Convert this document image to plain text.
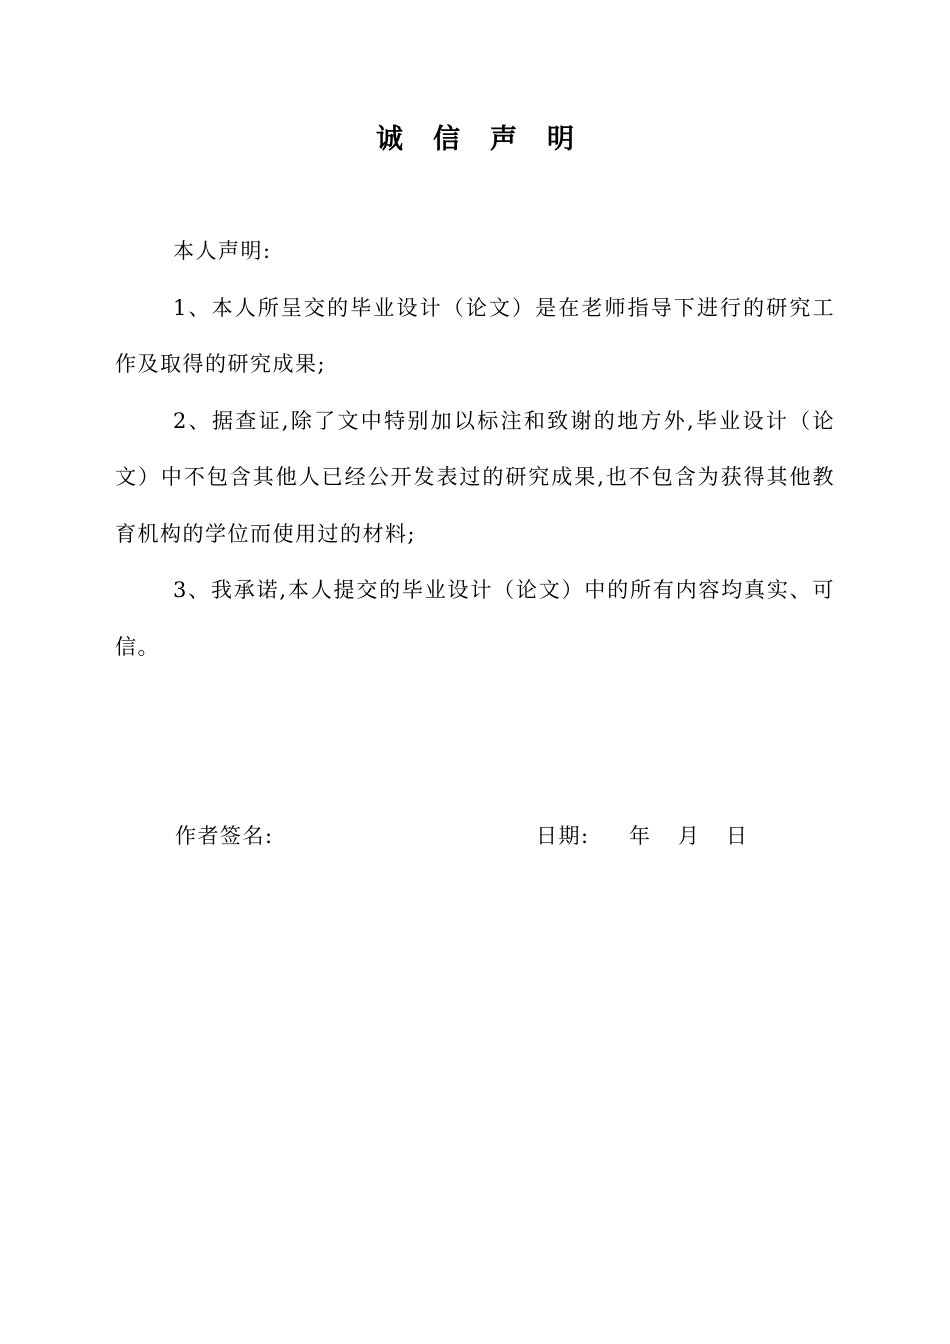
诚信声明

本人声明:

1、本人所呈交的毕业设计（论文）是在老师指导下进行的研究工作及取得的研究成果;

2、据查证,除了文中特别加以标注和致谢的地方外,毕业设计（论文）中不包含其他人已经公开发表过的研究成果,也不包含为获得其他教育机构的学位而使用过的材料;

3、我承诺,本人提交的毕业设计（论文）中的所有内容均真实、可信。

作者签名:	日期: 年 月 日
